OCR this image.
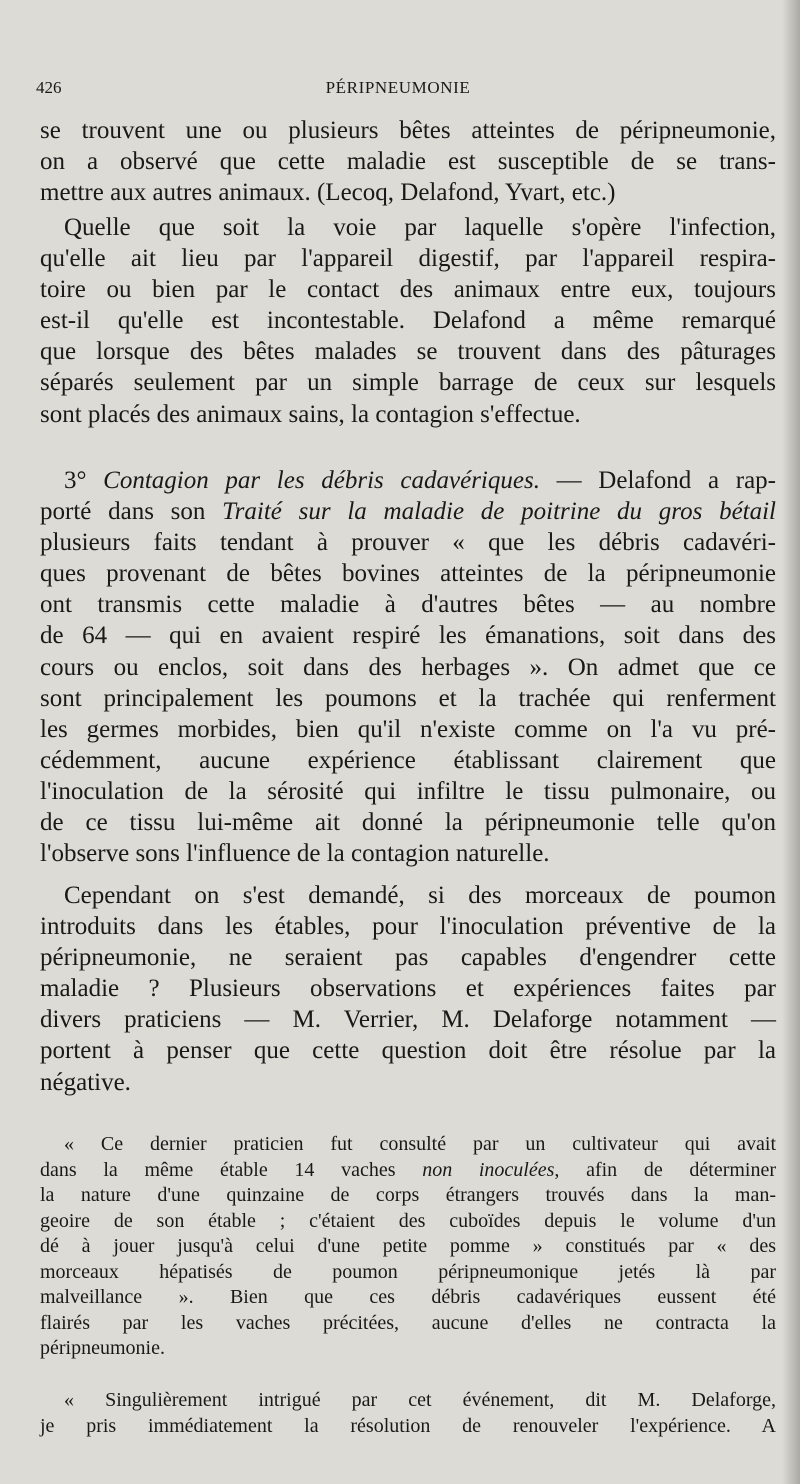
426	PÉRIPNEUMONIE
se trouvent une ou plusieurs bêtes atteintes de péripneumonie,
on a observé que cette maladie est susceptible de se trans-
mettre aux autres animaux. (Lecoq, Delafond, Yvart, etc.)
Quelle que soit la voie par laquelle s'opère l'infection,
qu'elle ait lieu par l'appareil digestif, par l'appareil respira-
toire ou bien par le contact des animaux entre eux, toujours
est-il qu'elle est incontestable. Delafond a même remarqué
que lorsque des bêtes malades se trouvent dans des pâturages
séparés seulement par un simple barrage de ceux sur lesquels
sont placés des animaux sains, la contagion s'effectue.
3° Contagion par les débris cadavériques. — Delafond a rap-
porté dans son Traité sur la maladie de poitrine du gros bétail
plusieurs faits tendant à prouver « que les débris cadavéri-
ques provenant de bêtes bovines atteintes de la péripneumonie
ont transmis cette maladie à d'autres bêtes — au nombre
de 64 — qui en avaient respiré les émanations, soit dans des
cours ou enclos, soit dans des herbages ». On admet que ce
sont principalement les poumons et la trachée qui renferment
les germes morbides, bien qu'il n'existe comme on l'a vu pré-
cédemment, aucune expérience établissant clairement que
l'inoculation de la sérosité qui infiltre le tissu pulmonaire, ou
de ce tissu lui-même ait donné la péripneumonie telle qu'on
l'observe sons l'influence de la contagion naturelle.
Cependant on s'est demandé, si des morceaux de poumon
introduits dans les étables, pour l'inoculation préventive de la
péripneumonie, ne seraient pas capables d'engendrer cette
maladie ? Plusieurs observations et expériences faites par
divers praticiens — M. Verrier, M. Delaforge notamment —
portent à penser que cette question doit être résolue par la
négative.
« Ce dernier praticien fut consulté par un cultivateur qui avait
dans la même étable 14 vaches non inoculées, afin de déterminer
la nature d'une quinzaine de corps étrangers trouvés dans la man-
geoire de son étable ; c'étaient des cuboïdes depuis le volume d'un
dé à jouer jusqu'à celui d'une petite pomme » constitués par « des
morceaux hépatisés de poumon péripneumonique jetés là par
malveillance ». Bien que ces débris cadavériques eussent été
flairés par les vaches précitées, aucune d'elles ne contracta la
péripneumonie.
« Singulièrement intrigué par cet événement, dit M. Delaforge,
je pris immédiatement la résolution de renouveler l'expérience. A
